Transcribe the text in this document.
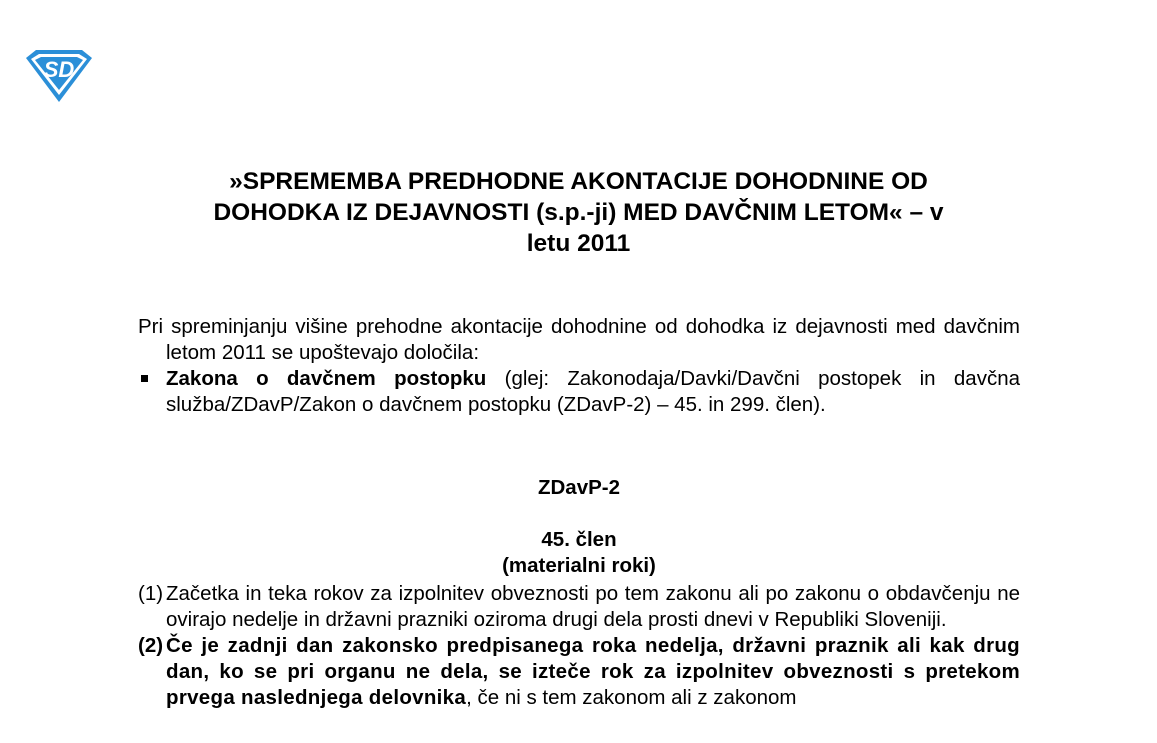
SD
»SPREMEMBA PREDHODNE AKONTACIJE DOHODNINE OD
DOHODKA IZ DEJAVNOSTI (s.p.-ji) MED DAVČNIM LETOM« – v
letu 2011
Pri spreminjanju višine prehodne akontacije dohodnine od dohodka iz dejavnosti med davčnim letom 2011 se upoštevajo določila:
Zakona o davčnem postopku (glej: Zakonodaja/Davki/Davčni postopek in davčna služba/ZDavP/Zakon o davčnem postopku (ZDavP-2) – 45. in 299. člen).
ZDavP-2
45. člen
(materialni roki)
(1) Začetka in teka rokov za izpolnitev obveznosti po tem zakonu ali po zakonu o obdavčenju ne ovirajo nedelje in državni prazniki oziroma drugi dela prosti dnevi v Republiki Sloveniji.
(2) Če je zadnji dan zakonsko predpisanega roka nedelja, državni praznik ali kak drug dan, ko se pri organu ne dela, se izteče rok za izpolnitev obveznosti s pretekom prvega naslednjega delovnika, če ni s tem zakonom ali z zakonom
